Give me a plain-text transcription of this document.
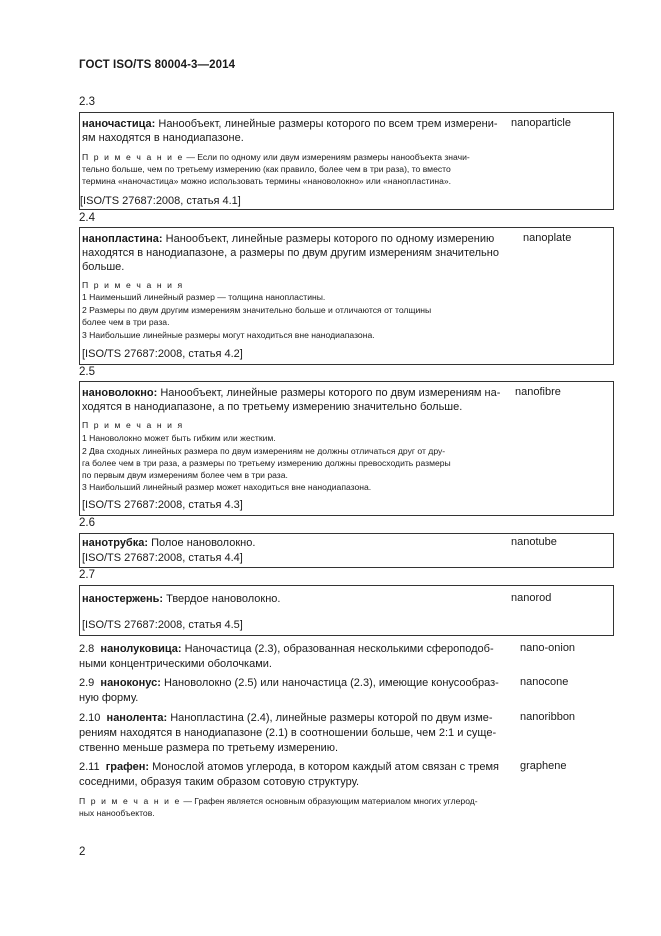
ГОСТ ISO/TS 80004-3—2014
2.3
наночастица: Нанообъект, линейные размеры которого по всем трем измерени-
ям находятся в нанодиапазоне.
nanoparticle
П р и м е ч а н и е — Если по одному или двум измерениям размеры нанообъекта значи-
тельно больше, чем по третьему измерению (как правило, более чем в три раза), то вместо
термина «наночастица» можно использовать термины «нановолокно» или «нанопластина».
[ISO/TS 27687:2008, статья 4.1]
2.4
нанопластина: Нанообъект, линейные размеры которого по одному измерению
находятся в нанодиапазоне, а размеры по двум другим измерениям значительно
больше.
nanoplate
П р и м е ч а н и я
1 Наименьший линейный размер — толщина нанопластины.
2 Размеры по двум другим измерениям значительно больше и отличаются от толщины
более чем в три раза.
3 Наибольшие линейные размеры могут находиться вне нанодиапазона.
[ISO/TS 27687:2008, статья 4.2]
2.5
нановолокно: Нанообъект, линейные размеры которого по двум измерениям на-
ходятся в нанодиапазоне, а по третьему измерению значительно больше.
nanofibre
П р и м е ч а н и я
1 Нановолокно может быть гибким или жестким.
2 Два сходных линейных размера по двум измерениям не должны отличаться друг от дру-
га более чем в три раза, а размеры по третьему измерению должны превосходить размеры
по первым двум измерениям более чем в три раза.
3 Наибольший линейный размер может находиться вне нанодиапазона.
[ISO/TS 27687:2008, статья 4.3]
2.6
нанотрубка: Полое нановолокно.	nanotube
[ISO/TS 27687:2008, статья 4.4]
2.7
наностержень: Твердое нановолокно.	nanorod
[ISO/TS 27687:2008, статья 4.5]
2.8 нанолуковица: Наночастица (2.3), образованная несколькими сфероподоб-
ными концентрическими оболочками.
nano-onion
2.9 наноконус: Нановолокно (2.5) или наночастица (2.3), имеющие конусообраз-
ную форму.
nanocone
2.10 нанолента: Нанопластина (2.4), линейные размеры которой по двум изме-
рениям находятся в нанодиапазоне (2.1) в соотношении больше, чем 2:1 и суще-
ственно меньше размера по третьему измерению.
nanoribbon
2.11 графен: Монослой атомов углерода, в котором каждый атом связан с тремя
соседними, образуя таким образом сотовую структуру.
graphene
П р и м е ч а н и е — Графен является основным образующим материалом многих углерод-
ных нанообъектов.
2
